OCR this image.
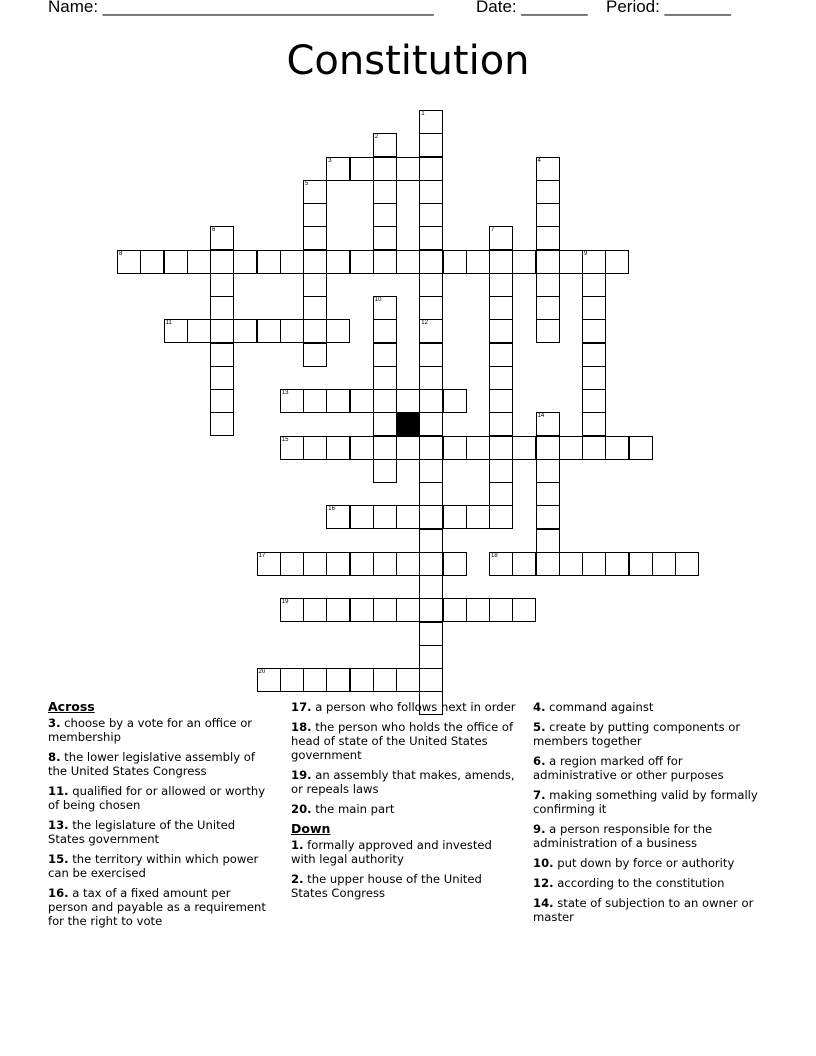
Name: ___________________________________ Date: _______ Period: _______
Constitution
3
8	9
11
13
15
16
17	18
19
20
1
12
2
4
5
6	7
10
14
Across
3. choose by a vote for an office or membership
8. the lower legislative assembly of the United States Congress
11. qualified for or allowed or worthy of being chosen
13. the legislature of the United States government
15. the territory within which power can be exercised
16. a tax of a fixed amount per person and payable as a requirement for the right to vote
17. a person who follows next in order
18. the person who holds the office of head of state of the United States government
19. an assembly that makes, amends, or repeals laws
20. the main part
Down
1. formally approved and invested with legal authority
2. the upper house of the United States Congress
4. command against
5. create by putting components or members together
6. a region marked off for administrative or other purposes
7. making something valid by formally confirming it
9. a person responsible for the administration of a business
10. put down by force or authority
12. according to the constitution
14. state of subjection to an owner or master
